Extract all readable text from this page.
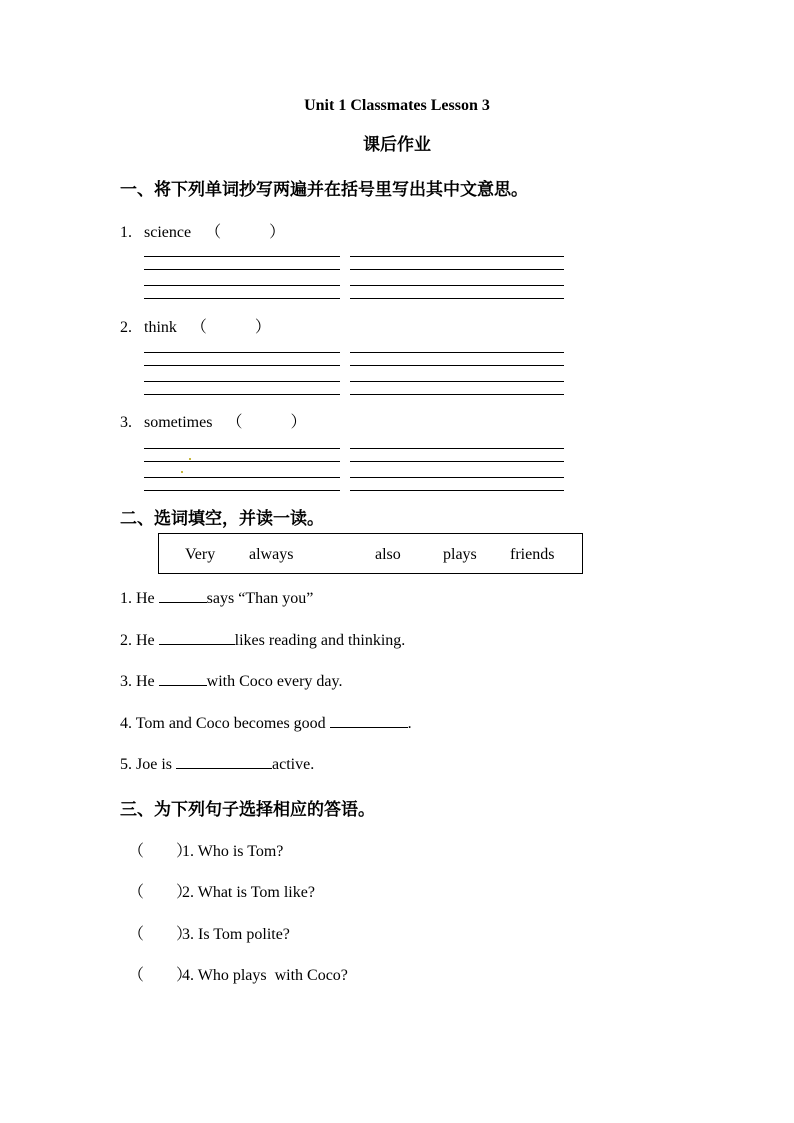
Unit 1 Classmates Lesson 3
课后作业
一、将下列单词抄写两遍并在括号里写出其中文意思。
1. science （　　　）
2. think （　　　）
3. sometimes （　　　）
二、选词填空，并读一读。
Very always	also	plays friends
1. He	says “Than you”
2. He	likes reading and thinking.
3. He	with Coco every day.
4. Tom and Coco becomes good	.
5. Joe is	active.
三、为下列句子选择相应的答语。
（　　）1. Who is Tom?
（　　）2. What is Tom like?
（　　）3. Is Tom polite?
（　　）4. Who plays  with Coco?
